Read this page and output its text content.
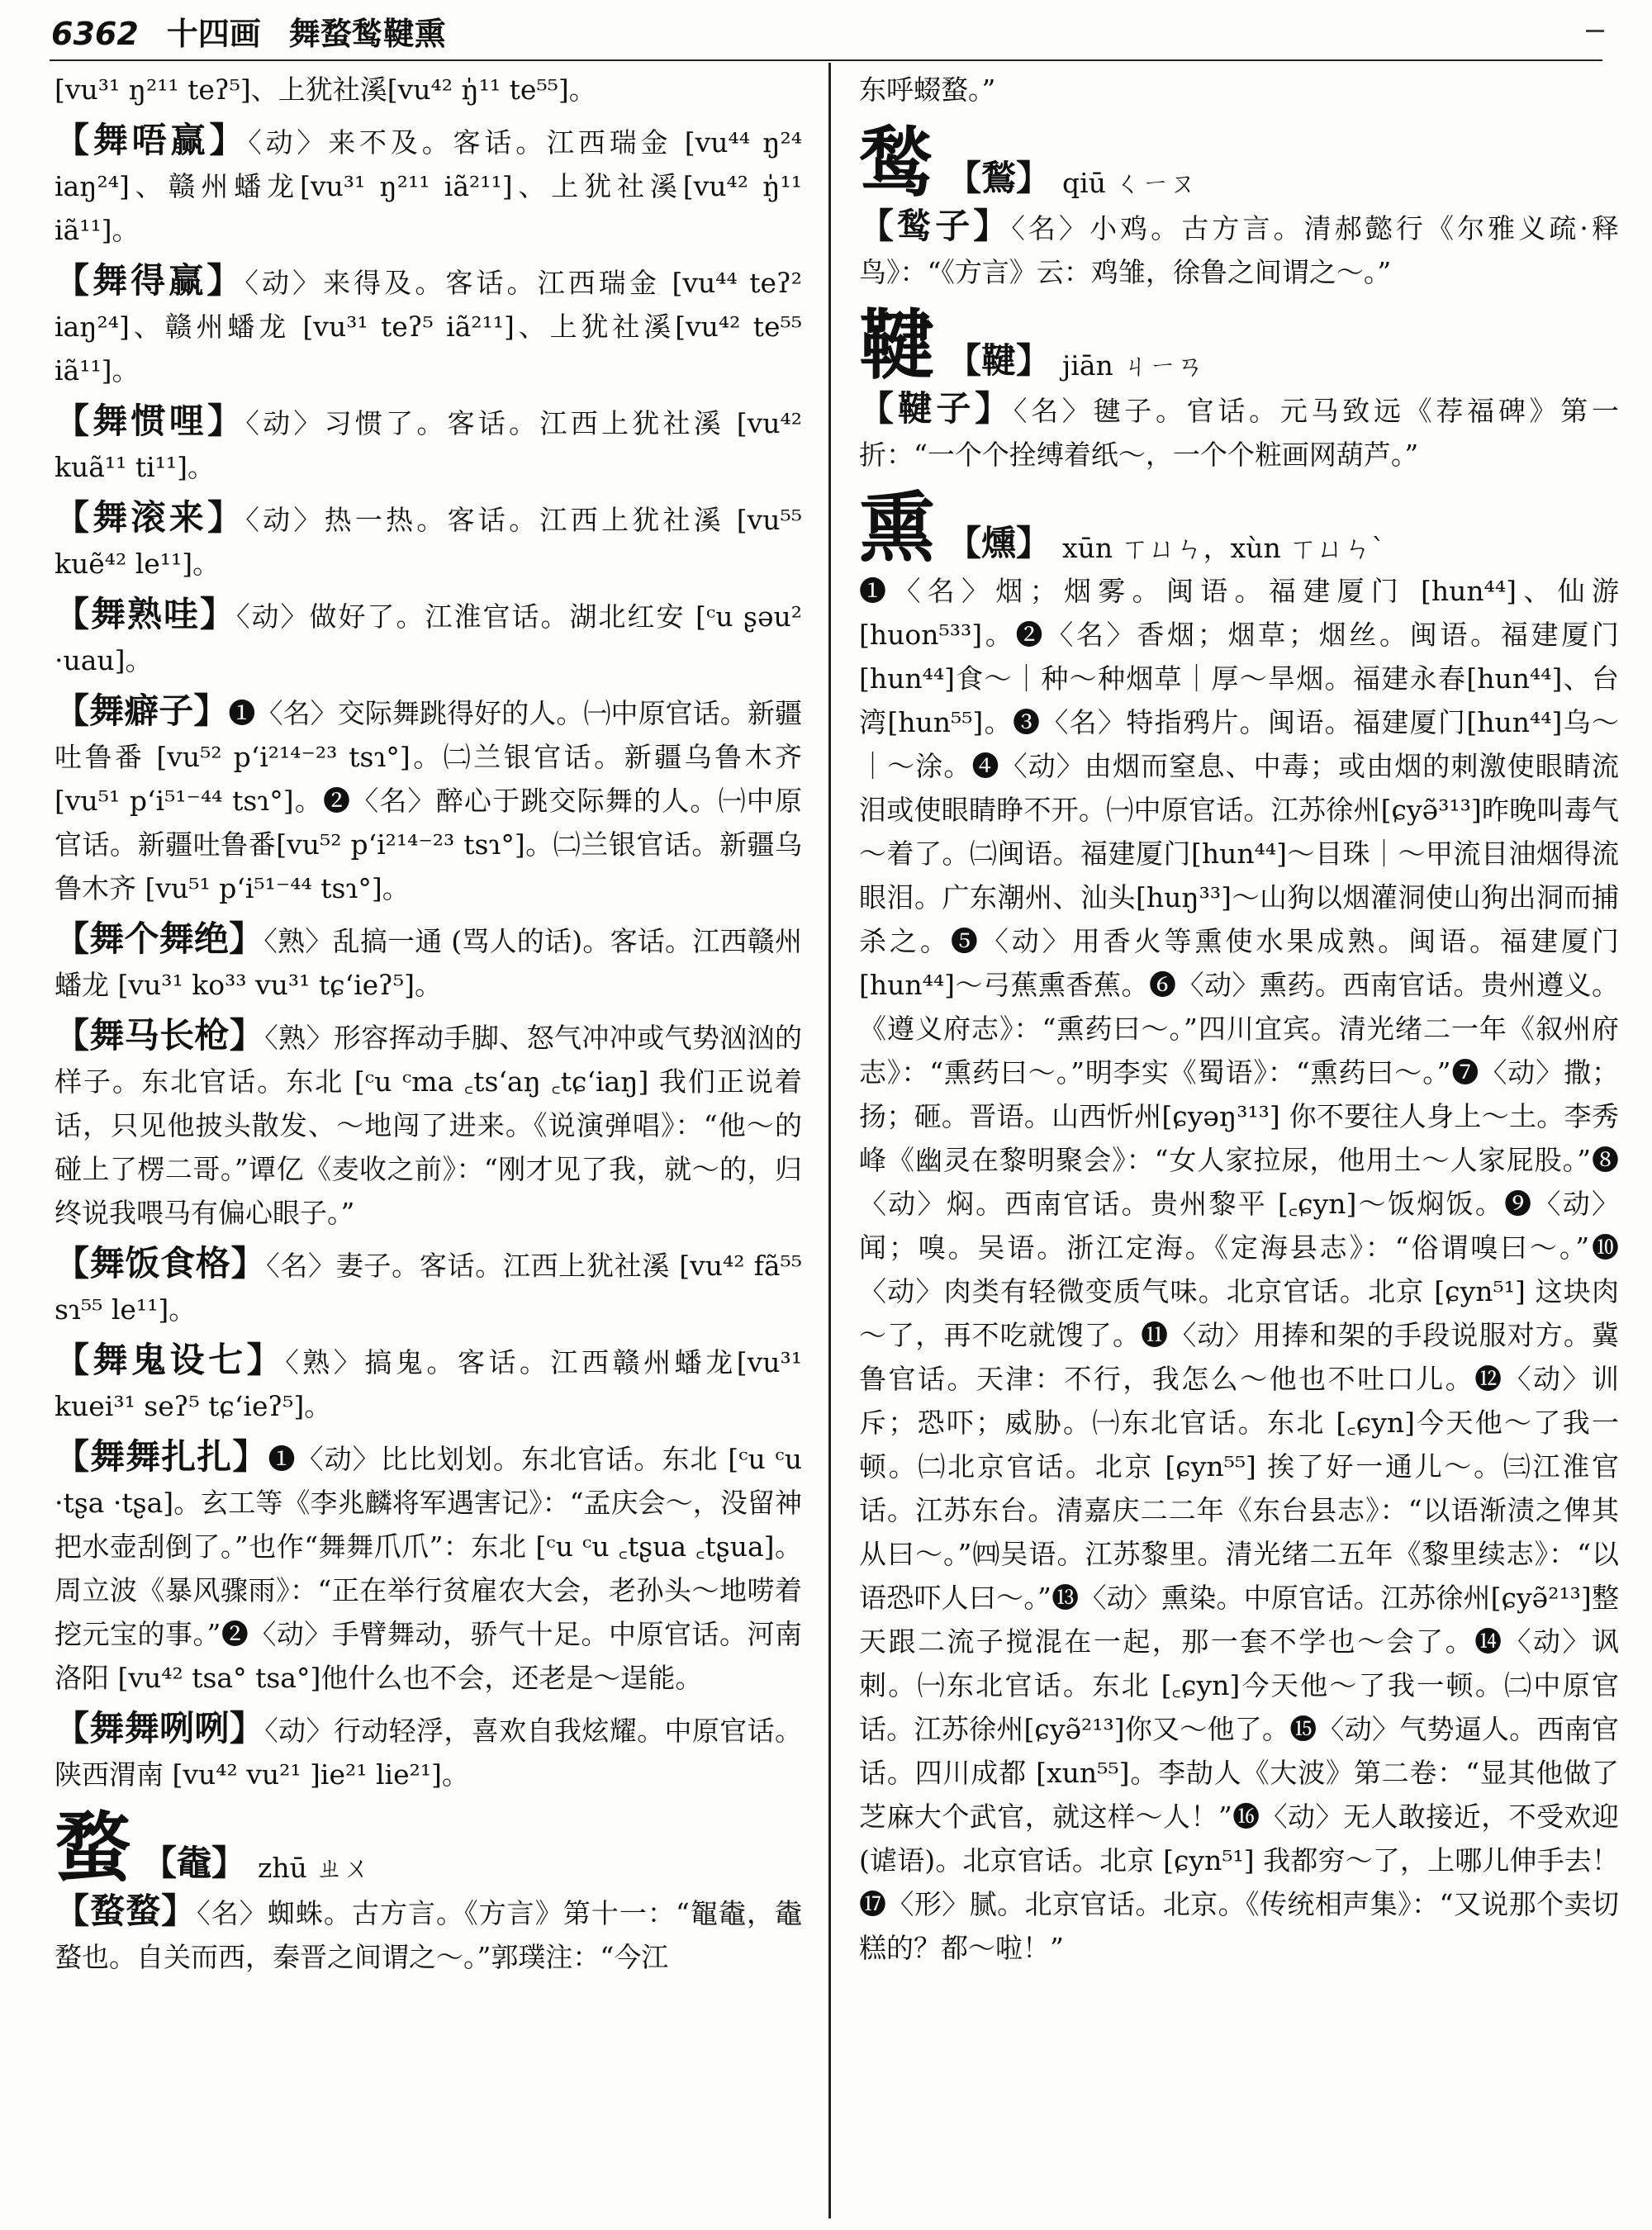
6362 十四画 舞蝥鹙鞬熏
[vu³¹ ŋ²¹¹ teʔ⁵]、上犹社溪[vu⁴² ŋ̍¹¹ te⁵⁵]。
【舞唔赢】〈动〉来不及。客话。江西瑞金 [vu⁴⁴ ŋ²⁴ iaŋ²⁴]、赣州蟠龙[vu³¹ ŋ²¹¹ iã²¹¹]、上犹社溪[vu⁴² ŋ̍¹¹ iã¹¹]。
【舞得赢】〈动〉来得及。客话。江西瑞金 [vu⁴⁴ teʔ² iaŋ²⁴]、赣州蟠龙 [vu³¹ teʔ⁵ iã²¹¹]、上犹社溪[vu⁴² te⁵⁵ iã¹¹]。
【舞惯哩】〈动〉习惯了。客话。江西上犹社溪 [vu⁴² kuã¹¹ ti¹¹]。
【舞滚来】〈动〉热一热。客话。江西上犹社溪 [vu⁵⁵ kuẽ⁴² le¹¹]。
【舞熟哇】〈动〉做好了。江淮官话。湖北红安 [ᶜu ʂəu² ·uau]。
【舞癖子】❶〈名〉交际舞跳得好的人。㈠中原官话。新疆吐鲁番 [vu⁵² pʻi²¹⁴⁻²³ tsɿ°]。㈡兰银官话。新疆乌鲁木齐 [vu⁵¹ pʻi⁵¹⁻⁴⁴ tsɿ°]。❷〈名〉醉心于跳交际舞的人。㈠中原官话。新疆吐鲁番[vu⁵² pʻi²¹⁴⁻²³ tsɿ°]。㈡兰银官话。新疆乌鲁木齐 [vu⁵¹ pʻi⁵¹⁻⁴⁴ tsɿ°]。
【舞个舞绝】〈熟〉乱搞一通 (骂人的话)。客话。江西赣州蟠龙 [vu³¹ ko³³ vu³¹ tɕʻieʔ⁵]。
【舞马长枪】〈熟〉形容挥动手脚、怒气冲冲或气势汹汹的样子。东北官话。东北 [ᶜu ᶜma ꜀tsʻaŋ ꜀tɕʻiaŋ] 我们正说着话，只见他披头散发、～地闯了进来。《说演弹唱》：“他～的碰上了楞二哥。”谭亿《麦收之前》：“刚才见了我，就～的，归终说我喂马有偏心眼子。”
【舞饭食格】〈名〉妻子。客话。江西上犹社溪 [vu⁴² fã⁵⁵ sɿ⁵⁵ le¹¹]。
【舞鬼设七】〈熟〉搞鬼。客话。江西赣州蟠龙[vu³¹ kuei³¹ seʔ⁵ tɕʻieʔ⁵]。
【舞舞扎扎】❶〈动〉比比划划。东北官话。东北 [ᶜu ᶜu ·tʂa ·tʂa]。玄工等《李兆麟将军遇害记》：“孟庆会～，没留神把水壶刮倒了。”也作“舞舞爪爪”：东北 [ᶜu ᶜu ꜀tʂua ꜀tʂua]。周立波《暴风骤雨》：“正在举行贫雇农大会，老孙头～地唠着挖元宝的事。”❷〈动〉手臂舞动，骄气十足。中原官话。河南洛阳 [vu⁴² tsa° tsa°]他什么也不会，还老是～逞能。
【舞舞咧咧】〈动〉行动轻浮，喜欢自我炫耀。中原官话。陕西渭南 [vu⁴² vu²¹ ]ie²¹ lie²¹]。
蝥 【鼄】 zhū ㄓㄨ
【蝥蝥】〈名〉蜘蛛。古方言。《方言》第十一：“鼅鼄，鼄蝥也。自关而西，秦晋之间谓之～。”郭璞注：“今江
东呼蝃蝥。”
鹙 【鶖】 qiū ㄑㄧㄡ
【鹙子】〈名〉小鸡。古方言。清郝懿行《尔雅义疏·释鸟》：“《方言》云：鸡雏，徐鲁之间谓之～。”
鞬 【鞬】 jiān ㄐㄧㄢ
【鞬子】〈名〉毽子。官话。元马致远《荐福碑》第一折：“一个个拴缚着纸～，一个个粧画网葫芦。”
熏 【燻】 xūn ㄒㄩㄣ，xùn ㄒㄩㄣˋ
❶〈名〉烟；烟雾。闽语。福建厦门 [hun⁴⁴]、仙游 [huon⁵³³]。❷〈名〉香烟；烟草；烟丝。闽语。福建厦门[hun⁴⁴]食～｜种～种烟草｜厚～旱烟。福建永春[hun⁴⁴]、台湾[hun⁵⁵]。❸〈名〉特指鸦片。闽语。福建厦门[hun⁴⁴]乌～｜～涂。❹〈动〉由烟而窒息、中毒；或由烟的刺激使眼睛流泪或使眼睛睁不开。㈠中原官话。江苏徐州[ɕyə̃³¹³]昨晚叫毒气～着了。㈡闽语。福建厦门[hun⁴⁴]～目珠｜～甲流目油烟得流眼泪。广东潮州、汕头[huŋ³³]～山狗以烟灌洞使山狗出洞而捕杀之。❺〈动〉用香火等熏使水果成熟。闽语。福建厦门[hun⁴⁴]～弓蕉熏香蕉。❻〈动〉熏药。西南官话。贵州遵义。《遵义府志》：“熏药曰～。”四川宜宾。清光绪二一年《叙州府志》：“熏药曰～。”明李实《蜀语》：“熏药曰～。”❼〈动〉撒；扬；砸。晋语。山西忻州[ɕyəŋ³¹³] 你不要往人身上～土。李秀峰《幽灵在黎明聚会》：“女人家拉尿，他用土～人家屁股。”❽〈动〉焖。西南官话。贵州黎平 [꜀ɕyn]～饭焖饭。❾〈动〉闻；嗅。吴语。浙江定海。《定海县志》：“俗谓嗅曰～。”❿〈动〉肉类有轻微变质气味。北京官话。北京 [ɕyn⁵¹] 这块肉～了，再不吃就馊了。⓫〈动〉用捧和架的手段说服对方。冀鲁官话。天津：不行，我怎么～他也不吐口儿。⓬〈动〉训斥；恐吓；威胁。㈠东北官话。东北 [꜀ɕyn]今天他～了我一顿。㈡北京官话。北京 [ɕyn⁵⁵] 挨了好一通儿～。㈢江淮官话。江苏东台。清嘉庆二二年《东台县志》：“以语渐渍之俾其从曰～。”㈣吴语。江苏黎里。清光绪二五年《黎里续志》：“以语恐吓人曰～。”⓭〈动〉熏染。中原官话。江苏徐州[ɕyə̃²¹³]整天跟二流子搅混在一起，那一套不学也～会了。⓮〈动〉讽刺。㈠东北官话。东北 [꜀ɕyn]今天他～了我一顿。㈡中原官话。江苏徐州[ɕyə̃²¹³]你又～他了。⓯〈动〉气势逼人。西南官话。四川成都 [xun⁵⁵]。李劼人《大波》第二卷：“显其他做了芝麻大个武官，就这样～人！”⓰〈动〉无人敢接近，不受欢迎 (谑语)。北京官话。北京 [ɕyn⁵¹] 我都穷～了，上哪儿伸手去！⓱〈形〉腻。北京官话。北京。《传统相声集》：“又说那个卖切糕的？都～啦！”
